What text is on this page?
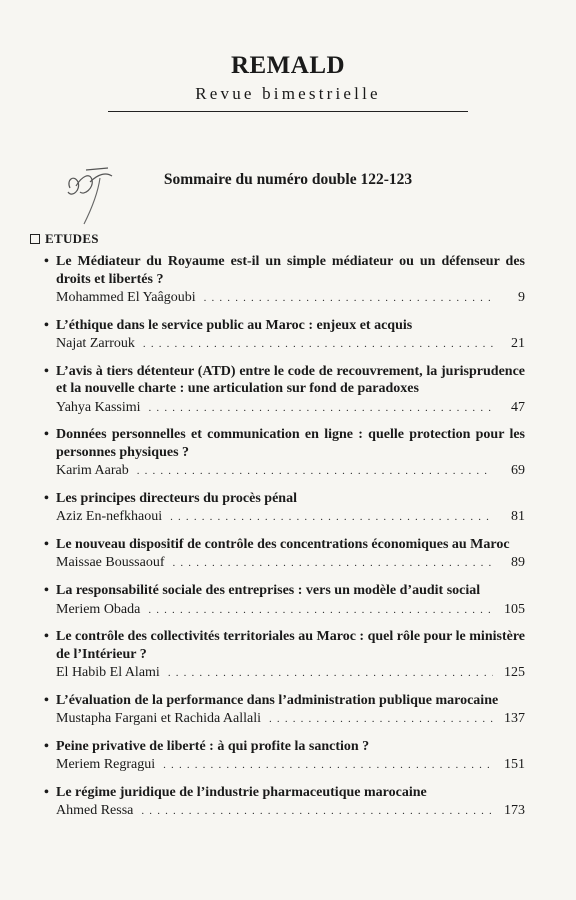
REMALD
Revue bimestrielle
Sommaire du numéro double 122-123
ETUDES
• Le Médiateur du Royaume est-il un simple médiateur ou un défenseur des droits et libertés ?
Mohammed El Yaâgoubi . . .	9
• L’éthique dans le service public au Maroc : enjeux et acquis
Najat Zarrouk . . .	21
• L’avis à tiers détenteur (ATD) entre le code de recouvrement, la jurisprudence et la nouvelle charte : une articulation sur fond de paradoxes
Yahya Kassimi . . .	47
• Données personnelles et communication en ligne : quelle protection pour les personnes physiques ?
Karim Aarab . . .	69
• Les principes directeurs du procès pénal
Aziz En-nefkhaoui . . .	81
• Le nouveau dispositif de contrôle des concentrations économiques au Maroc
Maissae Boussaouf . . .	89
• La responsabilité sociale des entreprises : vers un modèle d’audit social
Meriem Obada . . .	105
• Le contrôle des collectivités territoriales au Maroc : quel rôle pour le ministère de l’Intérieur ?
El Habib El Alami . . .	125
• L’évaluation de la performance dans l’administration publique marocaine
Mustapha Fargani et Rachida Aallali . . .	137
• Peine privative de liberté : à qui profite la sanction ?
Meriem Regragui . . .	151
• Le régime juridique de l’industrie pharmaceutique marocaine
Ahmed Ressa . . .	173
